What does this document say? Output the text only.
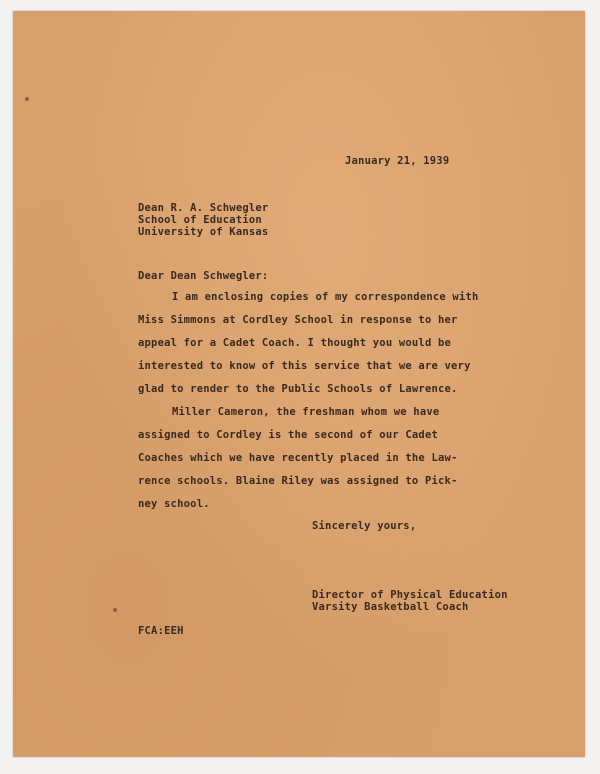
January 21, 1939
Dean R. A. Schwegler
School of Education
University of Kansas
Dear Dean Schwegler:
I am enclosing copies of my correspondence with
Miss Simmons at Cordley School in response to her
appeal for a Cadet Coach. I thought you would be
interested to know of this service that we are very
glad to render to the Public Schools of Lawrence.
Miller Cameron, the freshman whom we have
assigned to Cordley is the second of our Cadet
Coaches which we have recently placed in the Law-
rence schools. Blaine Riley was assigned to Pick-
ney school.
Sincerely yours,
Director of Physical Education
Varsity Basketball Coach
FCA:EEH
